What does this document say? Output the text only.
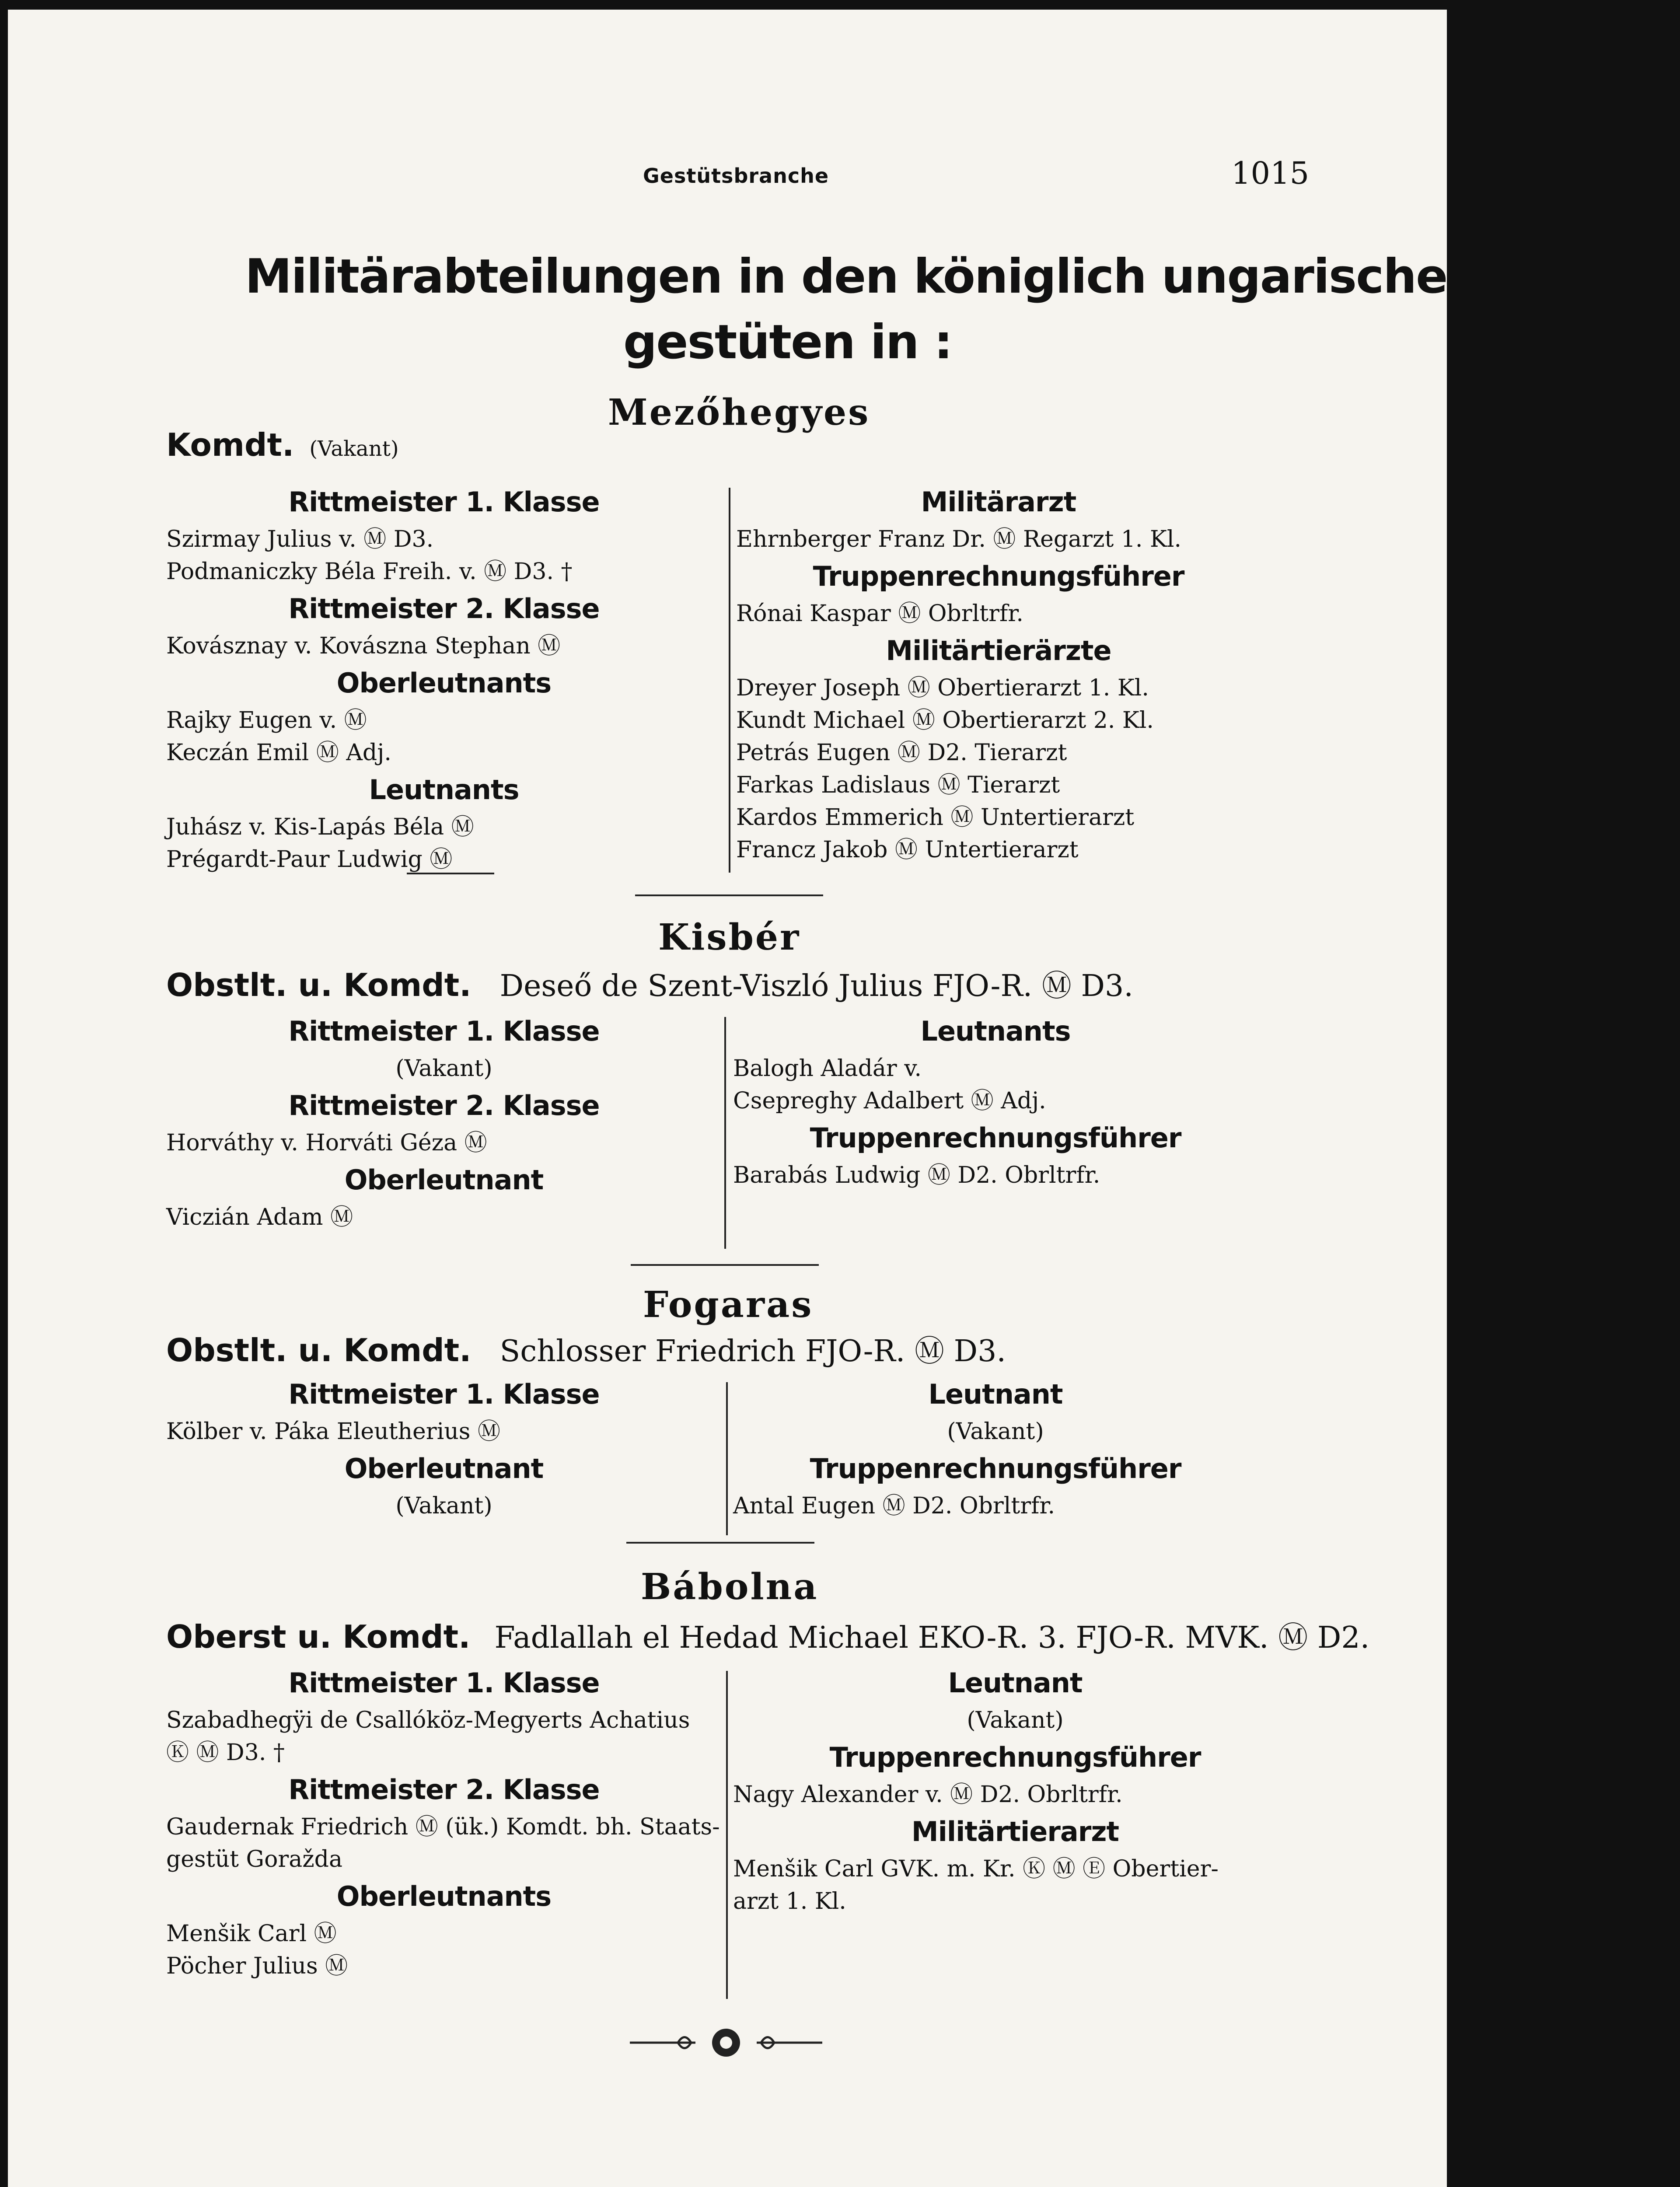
Gestütsbranche	1015
Militärabteilungen in den königlich ungarischen Staats-
gestüten in :
Mezőhegyes
Komdt. (Vakant)
Rittmeister 1. Klasse
Szirmay Julius v. Ⓜ D3.
Podmaniczky Béla Freih. v. Ⓜ D3. †
Rittmeister 2. Klasse
Kovásznay v. Kovászna Stephan Ⓜ
Oberleutnants
Rajky Eugen v. Ⓜ
Keczán Emil Ⓜ Adj.
Leutnants
Juhász v. Kis-Lapás Béla Ⓜ
Prégardt-Paur Ludwig Ⓜ
Militärarzt
Ehrnberger Franz Dr. Ⓜ Regarzt 1. Kl.
Truppenrechnungsführer
Rónai Kaspar Ⓜ Obrltrfr.
Militärtierärzte
Dreyer Joseph Ⓜ Obertierarzt 1. Kl.
Kundt Michael Ⓜ Obertierarzt 2. Kl.
Petrás Eugen Ⓜ D2. Tierarzt
Farkas Ladislaus Ⓜ Tierarzt
Kardos Emmerich Ⓜ Untertierarzt
Francz Jakob Ⓜ Untertierarzt
Kisbér
Obstlt. u. Komdt. Deseő de Szent-Viszló Julius FJO-R. Ⓜ D3.
Rittmeister 1. Klasse
(Vakant)
Rittmeister 2. Klasse
Horváthy v. Horváti Géza Ⓜ
Oberleutnant
Viczián Adam Ⓜ
Leutnants
Balogh Aladár v.
Csepreghy Adalbert Ⓜ Adj.
Truppenrechnungsführer
Barabás Ludwig Ⓜ D2. Obrltrfr.
Fogaras
Obstlt. u. Komdt. Schlosser Friedrich FJO-R. Ⓜ D3.
Rittmeister 1. Klasse
Kölber v. Páka Eleutherius Ⓜ
Oberleutnant
(Vakant)
Leutnant
(Vakant)
Truppenrechnungsführer
Antal Eugen Ⓜ D2. Obrltrfr.
Bábolna
Oberst u. Komdt. Fadlallah el Hedad Michael EKO-R. 3. FJO-R. MVK. Ⓜ D2.
Rittmeister 1. Klasse
Szabadhegÿi de Csallóköz-Megyerts Achatius
Ⓚ Ⓜ D3. †
Rittmeister 2. Klasse
Gaudernak Friedrich Ⓜ (ük.) Komdt. bh. Staats-
gestüt Goražda
Oberleutnants
Menšik Carl Ⓜ
Pöcher Julius Ⓜ
Leutnant
(Vakant)
Truppenrechnungsführer
Nagy Alexander v. Ⓜ D2. Obrltrfr.
Militärtierarzt
Menšik Carl GVK. m. Kr. Ⓚ Ⓜ Ⓔ Obertier-
arzt 1. Kl.
